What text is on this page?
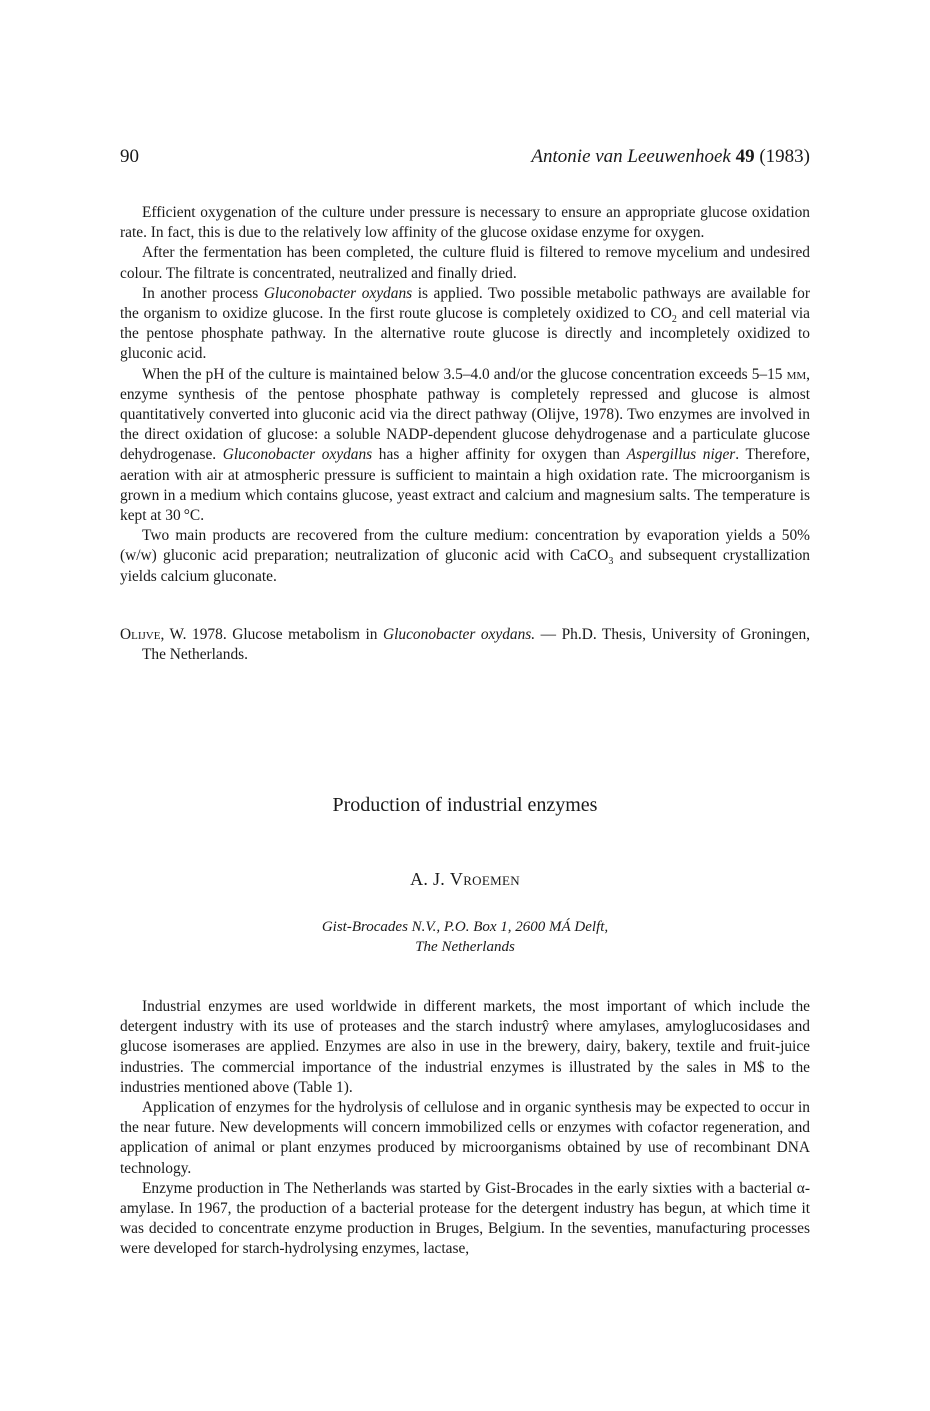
90	Antonie van Leeuwenhoek 49 (1983)

Efficient oxygenation of the culture under pressure is necessary to ensure an appropriate glucose oxidation rate. In fact, this is due to the relatively low affinity of the glucose oxidase enzyme for oxygen.

After the fermentation has been completed, the culture fluid is filtered to remove mycelium and undesired colour. The filtrate is concentrated, neutralized and finally dried.

In another process Gluconobacter oxydans is applied. Two possible metabolic pathways are available for the organism to oxidize glucose. In the first route glucose is completely oxidized to $CO_2$ and cell material via the pentose phosphate pathway. In the alternative route glucose is directly and incompletely oxidized to gluconic acid.

When the pH of the culture is maintained below 3.5–4.0 and/or the glucose concentration exceeds 5–15 mm, enzyme synthesis of the pentose phosphate pathway is completely repressed and glucose is almost quantitatively converted into gluconic acid via the direct pathway (Olijve, 1978). Two enzymes are involved in the direct oxidation of glucose: a soluble NADP-dependent glucose dehydrogenase and a particulate glucose dehydrogenase. Gluconobacter oxydans has a higher affinity for oxygen than Aspergillus niger. Therefore, aeration with air at atmospheric pressure is sufficient to maintain a high oxidation rate. The microorganism is grown in a medium which contains glucose, yeast extract and calcium and magnesium salts. The temperature is kept at 30 °C.

Two main products are recovered from the culture medium: concentration by evaporation yields a 50% (w/w) gluconic acid preparation; neutralization of gluconic acid with CaCO$_3$ and subsequent crystallization yields calcium gluconate.

Olijve, W. 1978. Glucose metabolism in Gluconobacter oxydans. — Ph.D. Thesis, University of Groningen, The Netherlands.
Production of industrial enzymes
A. J. Vroemen
Gist-Brocades N.V., P.O. Box 1, 2600 MÁ Delft,
The Netherlands

Industrial enzymes are used worldwide in different markets, the most important of which include the detergent industry with its use of proteases and the starch industrŷ where amylases, amyloglucosidases and glucose isomerases are applied. Enzymes are also in use in the brewery, dairy, bakery, textile and fruit-juice industries. The commercial importance of the industrial enzymes is illustrated by the sales in M$ to the industries mentioned above (Table 1).

Application of enzymes for the hydrolysis of cellulose and in organic synthesis may be expected to occur in the near future. New developments will concern immobilized cells or enzymes with cofactor regeneration, and application of animal or plant enzymes produced by microorganisms obtained by use of recombinant DNA technology.

Enzyme production in The Netherlands was started by Gist-Brocades in the early sixties with a bacterial α-amylase. In 1967, the production of a bacterial protease for the detergent industry has begun, at which time it was decided to concentrate enzyme production in Bruges, Belgium. In the seventies, manufacturing processes were developed for starch-hydrolysing enzymes, lactase,
